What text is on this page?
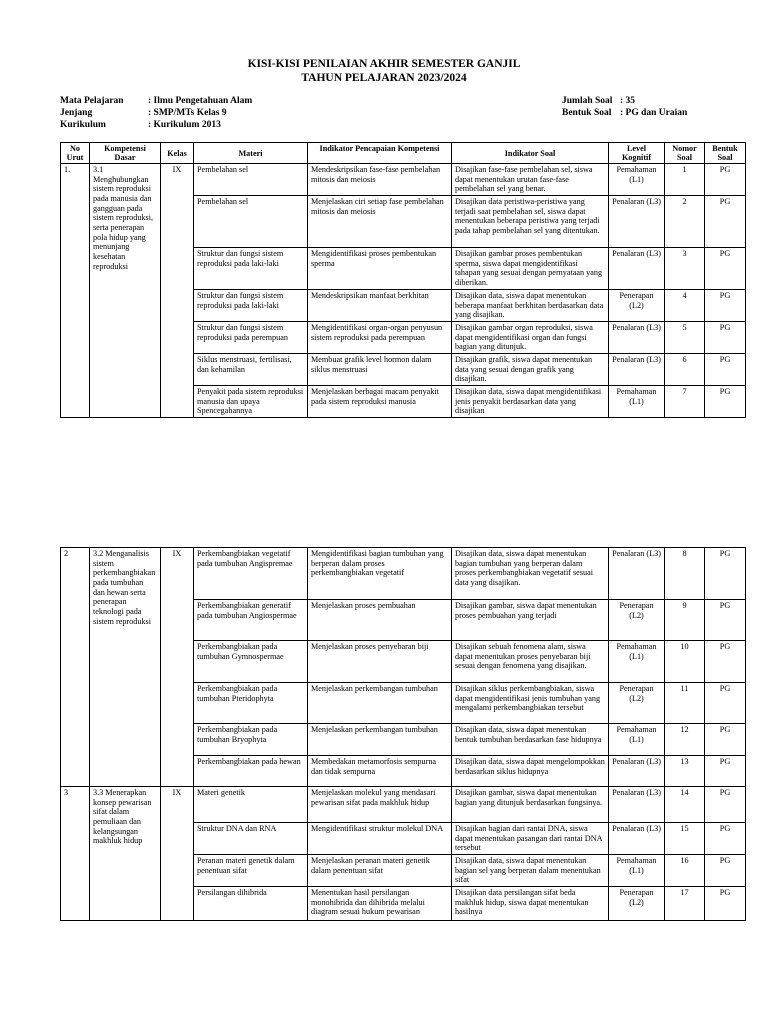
KISI-KISI PENILAIAN AKHIR SEMESTER GANJIL
TAHUN PELAJARAN 2023/2024
Mata Pelajaran	: Ilmu Pengetahuan Alam
Jenjang	: SMP/MTs Kelas 9
Kurikulum	: Kurikulum 2013
Jumlah Soal : 35
Bentuk Soal : PG dan Uraian
No Urut	Kompetensi Dasar	Kelas	Materi	Indikator Pencapaian Kompetensi	Indikator Soal	Level Kognitif	Nomor Soal	Bentuk Soal
1.	3.1 Menghubungkan sistem reproduksi pada manusia dan gangguan pada sistem reproduksi, serta penerapan pola hidup yang menunjang kesehatan reproduksi	IX	Pembelahan sel	Mendeskripsikan fase-fase pembelahan mitosis dan meiosis	Disajikan fase-fase pembelahan sel, siswa dapat menentukan urutan fase-fase pembelahan sel yang benar.	Pemahaman (L1)	1	PG
			Pembelahan sel	Menjelaskan ciri setiap fase pembelahan mitosis dan meiosis	Disajikan data peristiwa-peristiwa yang terjadi saat pembelahan sel, siswa dapat menentukan beberapa peristiwa yang terjadi pada tahap pembelahan sel yang ditentukan.	Penalaran (L3)	2	PG
			Struktur dan fungsi sistem reproduksi pada laki-laki	Mengidentifikasi proses pembentukan sperma	Disajikan gambar proses pembentukan sperma, siswa dapat mengidentifikasi tahapan yang sesuai dengan pernyataan yang diberikan.	Penalaran (L3)	3	PG
			Struktur dan fungsi sistem reproduksi pada laki-laki	Mendeskripsikan manfaat berkhitan	Disajikan data, siswa dapat menentukan beberapa manfaat berkhitan berdasarkan data yang disajikan.	Penerapan (L2)	4	PG
			Struktur dan fungsi sistem reproduksi pada perempuan	Mengidentifikasi organ-organ penyusun sistem reproduksi pada perempuan	Disajikan gambar organ reproduksi, siswa dapat mengidentifikasi organ dan fungsi bagian yang ditunjuk.	Penalaran (L3)	5	PG
			Siklus menstruasi, fertilisasi, dan kehamilan	Membuat grafik level hormon dalam siklus menstruasi	Disajikan grafik, siswa dapat menentukan data yang sesuai dengan grafik yang disajikan.	Penalaran (L3)	6	PG
			Penyakit pada sistem reproduksi manusia dan upaya Spencegahannya	Menjelaskan berbagai macam penyakit pada sistem reproduksi manusia	Disajikan data, siswa dapat mengidentifikasi jenis penyakit berdasarkan data yang disajikan	Pemahaman (L1)	7	PG
2	3.2 Menganalisis sistem perkembangbiakan pada tumbuhan dan hewan serta penerapan teknologi pada sistem reproduksi	IX	Perkembangbiakan vegetatif pada tumbuhan Angispremae	Mengidentifikasi bagian tumbuhan yang berperan dalam proses perkembangbiakan vegetatif	Disajikan data, siswa dapat menentukan bagian tumbuhan yang berperan dalam proses perkembangbiakan vegetatif sesuai data yang disajikan.	Penalaran (L3)	8	PG
			Perkembangbiakan generatif pada tumbuhan Angiospermae	Menjelaskan proses pembuahan	Disajikan gambar, siswa dapat menentukan proses pembuahan yang terjadi	Penerapan (L2)	9	PG
			Perkembangbiakan pada tumbuhan Gymnospermae	Menjelaskan proses penyebaran biji	Disajikan sebuah fenomena alam, siswa dapat menentukan proses penyebaran biji sesuai dengan fenomena yang disajikan.	Pemahaman (L1)	10	PG
			Perkembangbiakan pada tumbuhan Pteridophyta	Menjelaskan perkembangan tumbuhan	Disajikan siklus perkembangbiakan, siswa dapat mengidentifikasi jenis tumbuhan yang mengalami perkembangbiakan tersebut	Penerapan (L2)	11	PG
			Perkembangbiakan pada tumbuhan Bryophyta	Menjelaskan perkembangan tumbuhan	Disajikan data, siswa dapat menentukan bentuk tumbuhan berdasarkan fase hidupnya	Pemahaman (L1)	12	PG
			Perkembangbiakan pada hewan	Membedakan metamorfosis sempurna dan tidak sempurna	Disajikan data, siswa dapat mengelompokkan berdasarkan siklus hidupnya	Penalaran (L3)	13	PG
3	3.3 Menerapkan konsep pewarisan sifat dalam pemuliaan dan kelangsungan makhluk hidup	IX	Materi genetik	Menjelaskan molekul yang mendasari pewarisan sifat pada makhluk hidup	Disajikan gambar, siswa dapat menentukan bagian yang ditunjuk berdasarkan fungsinya.	Penalaran (L3)	14	PG
			Struktur DNA dan RNA	Mengidentifikasi struktur molekul DNA	Disajikan bagian dari rantai DNA, siswa dapat menentukan pasangan dari rantai DNA tersebut	Penalaran (L3)	15	PG
			Peranan materi genetik dalam penentuan sifat	Menjelaskan peranan materi genetik dalam penentuan sifat	Disajikan data, siswa dapat menentukan bagian sel yang berperan dalam menentukan sifat	Pemahaman (L1)	16	PG
			Persilangan dihibrida	Menentukan hasil persilangan monohibrida dan dihibrida melalui diagram sesuai hukum pewarisan	Disajikan data persilangan sifat beda makhluk hidup, siswa dapat menentukan hasilnya	Penerapan (L2)	17	PG
